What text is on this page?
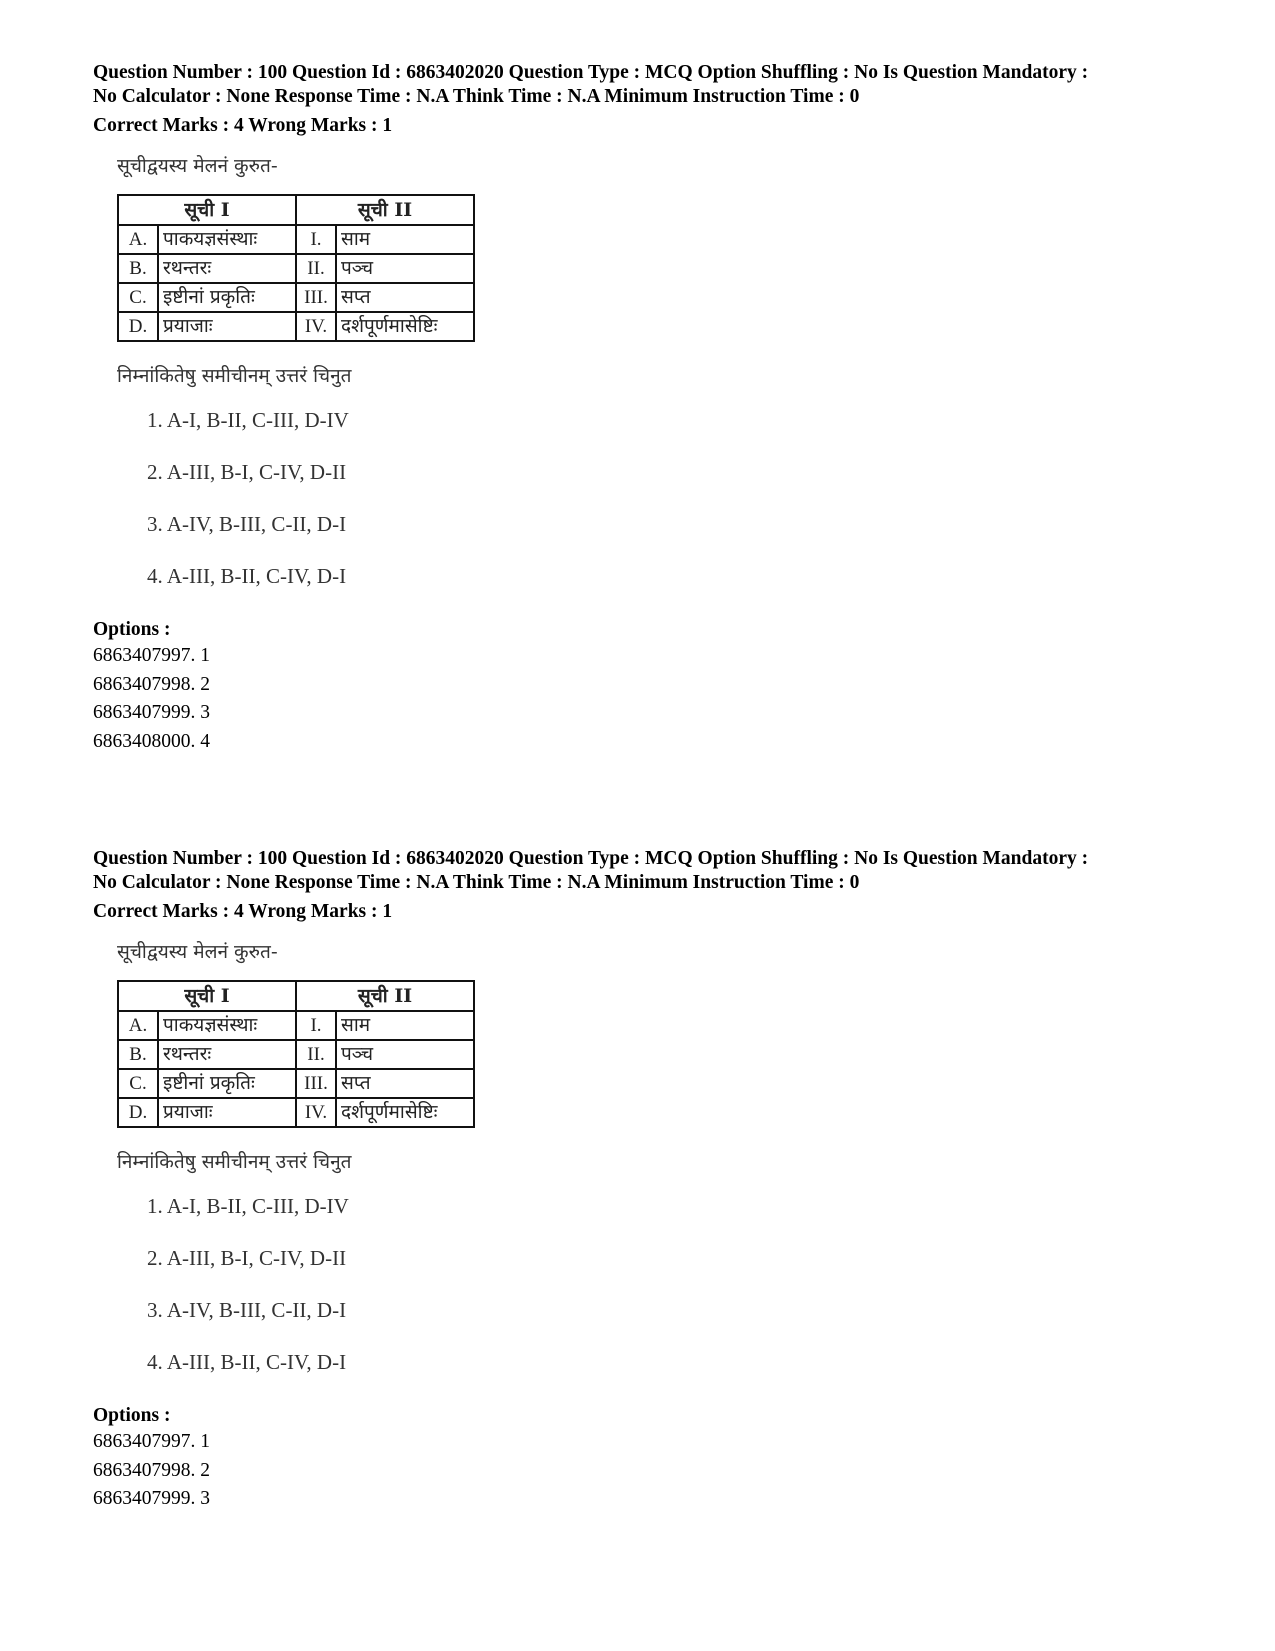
Question Number : 100 Question Id : 6863402020 Question Type : MCQ Option Shuffling : No Is Question Mandatory :
No Calculator : None Response Time : N.A Think Time : N.A Minimum Instruction Time : 0
Correct Marks : 4 Wrong Marks : 1
सूचीद्वयस्य मेलनं कुरुत-
सूची I		सूची II	
A.	पाकयज्ञसंस्थाः	I.	साम
B.	रथन्तरः	II.	पञ्च
C.	इष्टीनां प्रकृतिः	III.	सप्त
D.	प्रयाजाः	IV.	दर्शपूर्णमासेष्टिः
निम्नांकितेषु समीचीनम् उत्तरं चिनुत
1. A-I, B-II, C-III, D-IV
2. A-III, B-I, C-IV, D-II
3. A-IV, B-III, C-II, D-I
4. A-III, B-II, C-IV, D-I
Options :
6863407997. 1
6863407998. 2
6863407999. 3
6863408000. 4
Question Number : 100 Question Id : 6863402020 Question Type : MCQ Option Shuffling : No Is Question Mandatory :
No Calculator : None Response Time : N.A Think Time : N.A Minimum Instruction Time : 0
Correct Marks : 4 Wrong Marks : 1
सूचीद्वयस्य मेलनं कुरुत-
सूची I		सूची II	
A.	पाकयज्ञसंस्थाः	I.	साम
B.	रथन्तरः	II.	पञ्च
C.	इष्टीनां प्रकृतिः	III.	सप्त
D.	प्रयाजाः	IV.	दर्शपूर्णमासेष्टिः
निम्नांकितेषु समीचीनम् उत्तरं चिनुत
1. A-I, B-II, C-III, D-IV
2. A-III, B-I, C-IV, D-II
3. A-IV, B-III, C-II, D-I
4. A-III, B-II, C-IV, D-I
Options :
6863407997. 1
6863407998. 2
6863407999. 3
